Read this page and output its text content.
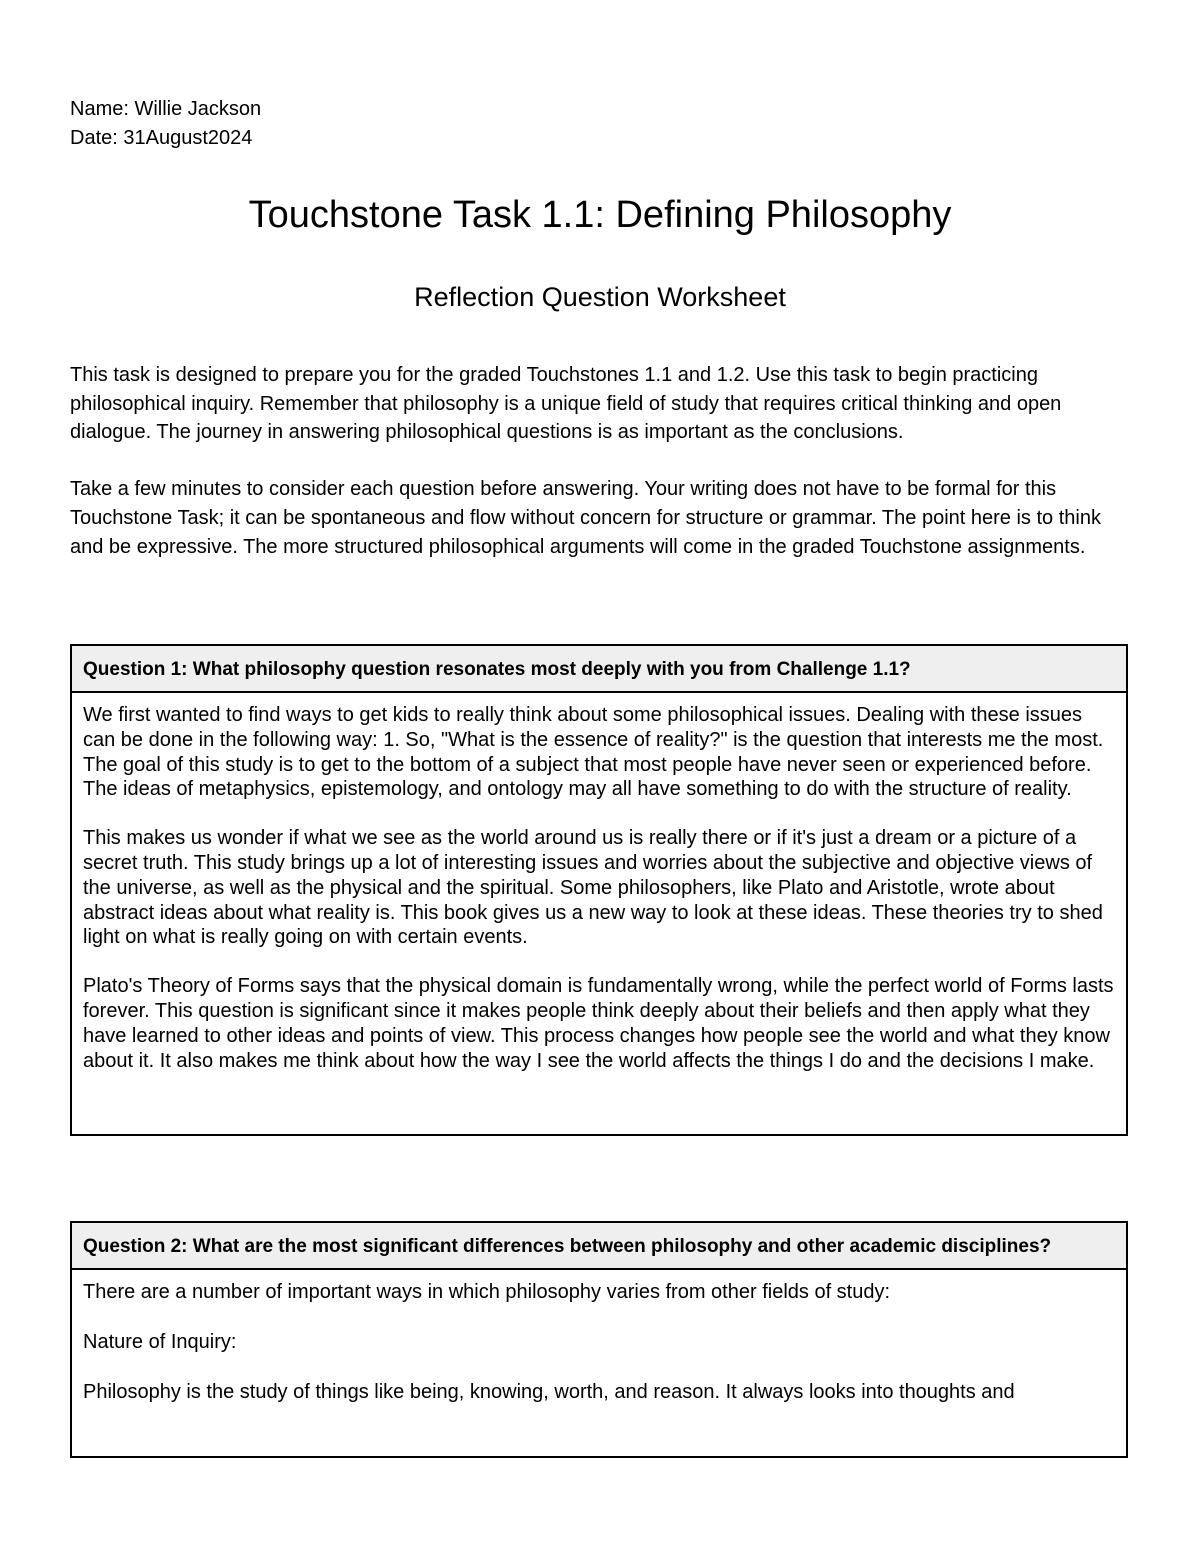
Name: Willie Jackson
Date: 31August2024
Touchstone Task 1.1: Defining Philosophy
Reflection Question Worksheet

This task is designed to prepare you for the graded Touchstones 1.1 and 1.2. Use this task to begin practicing philosophical inquiry. Remember that philosophy is a unique field of study that requires critical thinking and open dialogue. The journey in answering philosophical questions is as important as the conclusions.

Take a few minutes to consider each question before answering. Your writing does not have to be formal for this Touchstone Task; it can be spontaneous and flow without concern for structure or grammar. The point here is to think and be expressive. The more structured philosophical arguments will come in the graded Touchstone assignments.

Question 1: What philosophy question resonates most deeply with you from Challenge 1.1?

We first wanted to find ways to get kids to really think about some philosophical issues. Dealing with these issues can be done in the following way: 1. So, "What is the essence of reality?" is the question that interests me the most. The goal of this study is to get to the bottom of a subject that most people have never seen or experienced before. The ideas of metaphysics, epistemology, and ontology may all have something to do with the structure of reality.

This makes us wonder if what we see as the world around us is really there or if it's just a dream or a picture of a secret truth. This study brings up a lot of interesting issues and worries about the subjective and objective views of the universe, as well as the physical and the spiritual. Some philosophers, like Plato and Aristotle, wrote about abstract ideas about what reality is. This book gives us a new way to look at these ideas. These theories try to shed light on what is really going on with certain events.

Plato's Theory of Forms says that the physical domain is fundamentally wrong, while the perfect world of Forms lasts forever. This question is significant since it makes people think deeply about their beliefs and then apply what they have learned to other ideas and points of view. This process changes how people see the world and what they know about it. It also makes me think about how the way I see the world affects the things I do and the decisions I make.

Question 2: What are the most significant differences between philosophy and other academic disciplines?

There are a number of important ways in which philosophy varies from other fields of study:

Nature of Inquiry:

Philosophy is the study of things like being, knowing, worth, and reason. It always looks into thoughts and
